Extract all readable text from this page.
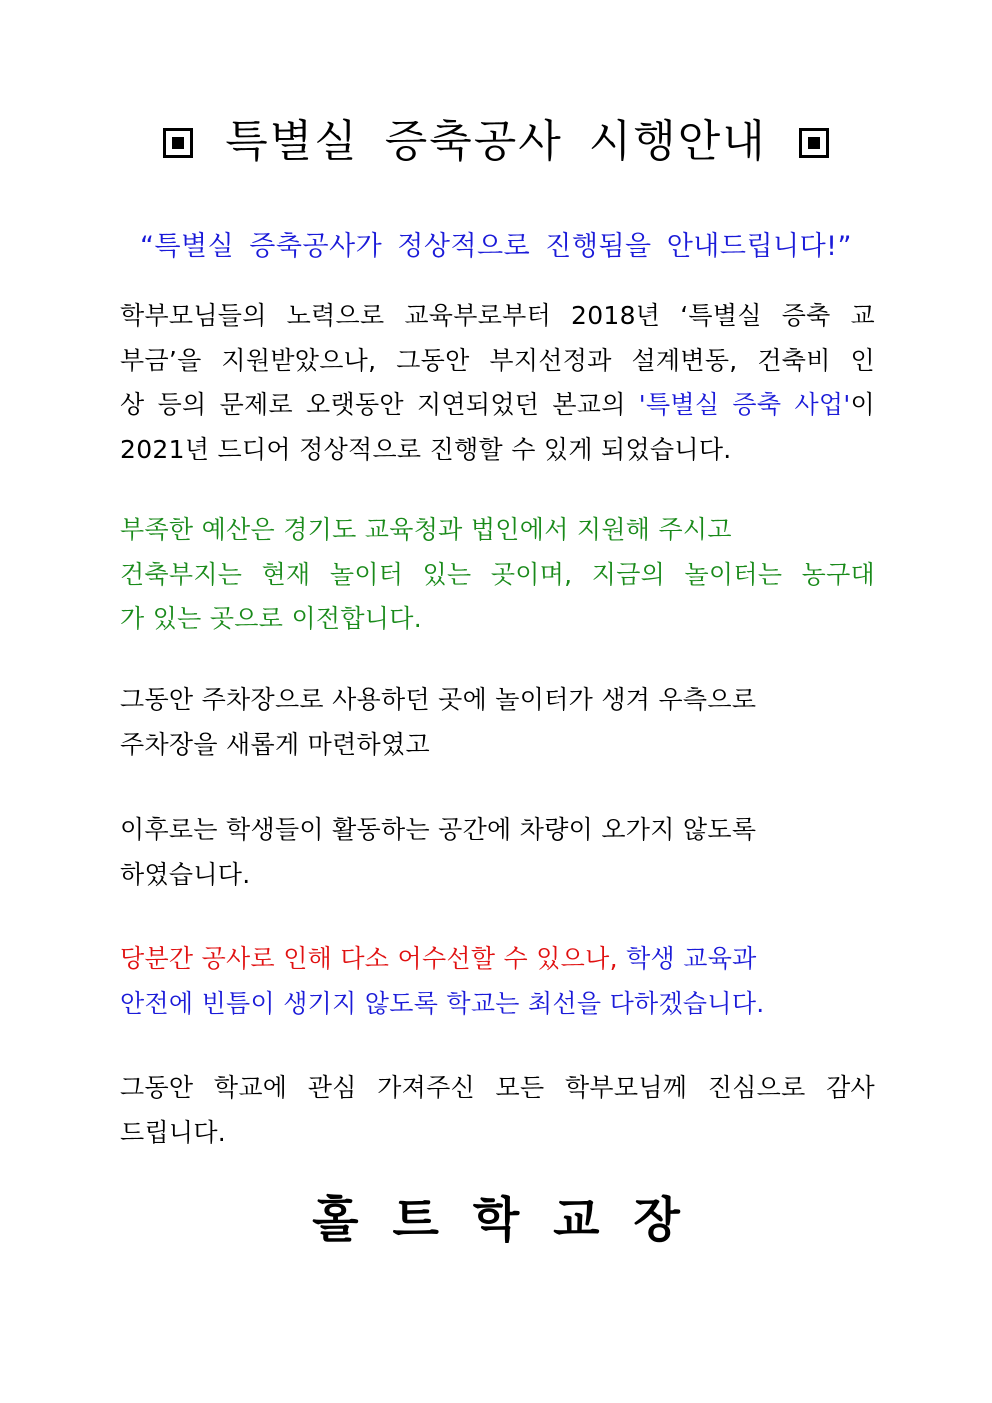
특별실 증축공사 시행안내
“특별실 증축공사가 정상적으로 진행됨을 안내드립니다!”
학부모님들의 노력으로 교육부로부터 2018년 ‘특별실 증축 교
부금’을 지원받았으나, 그동안 부지선정과 설계변동, 건축비 인
상 등의 문제로 오랫동안 지연되었던 본교의 '특별실 증축 사업'이
2021년 드디어 정상적으로 진행할 수 있게 되었습니다.
부족한 예산은 경기도 교육청과 법인에서 지원해 주시고
건축부지는 현재 놀이터 있는 곳이며, 지금의 놀이터는 농구대
가 있는 곳으로 이전합니다.
그동안 주차장으로 사용하던 곳에 놀이터가 생겨 우측으로
주차장을 새롭게 마련하였고
이후로는 학생들이 활동하는 공간에 차량이 오가지 않도록
하였습니다.
당분간 공사로 인해 다소 어수선할 수 있으나, 학생 교육과
안전에 빈틈이 생기지 않도록 학교는 최선을 다하겠습니다.
그동안 학교에 관심 가져주신 모든 학부모님께 진심으로 감사
드립니다.
홀트학교장
